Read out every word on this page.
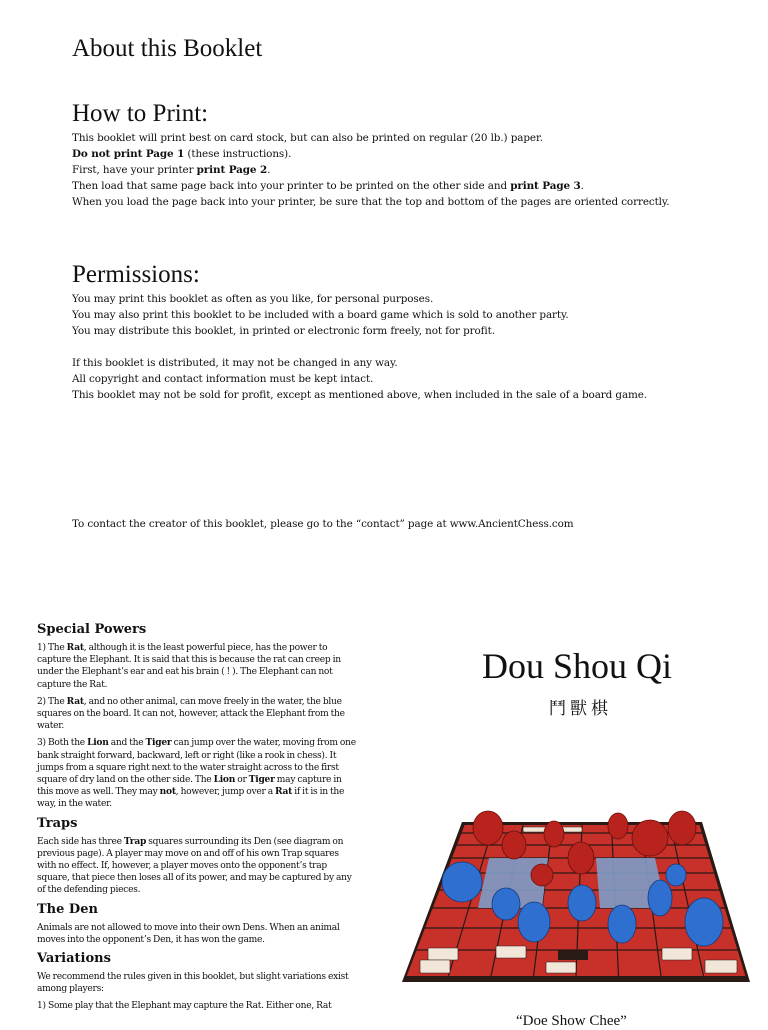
About this Booklet
How to Print:
This booklet will print best on card stock, but can also be printed on regular (20 lb.) paper.
Do not print Page 1 (these instructions).
First, have your printer print Page 2.
Then load that same page back into your printer to be printed on the other side and print Page 3.
When you load the page back into your printer, be sure that the top and bottom of the pages are oriented correctly.
Permissions:
You may print this booklet as often as you like, for personal purposes.
You may also print this booklet to be included with a board game which is sold to another party.
You may distribute this booklet, in printed or electronic form freely, not for profit.

If this booklet is distributed, it may not be changed in any way.
All copyright and contact information must be kept intact.
This booklet may not be sold for profit, except as mentioned above, when included in the sale of a board game.
To contact the creator of this booklet, please go to the “contact” page at www.AncientChess.com
Special Powers

1) The Rat, although it is the least powerful piece, has the power to capture the Elephant. It is said that this is because the rat can creep in under the Elephant’s ear and eat his brain ( ! ). The Elephant can not capture the Rat.

2) The Rat, and no other animal, can move freely in the water, the blue squares on the board. It can not, however, attack the Elephant from the water.

3) Both the Lion and the Tiger can jump over the water, moving from one bank straight forward, backward, left or right (like a rook in chess). It jumps from a square right next to the water straight across to the first square of dry land on the other side. The Lion or Tiger may capture in this move as well. They may not, however, jump over a Rat if it is in the way, in the water.

Traps

Each side has three Trap squares surrounding its Den (see diagram on previous page). A player may move on and off of his own Trap squares with no effect. If, however, a player moves onto the opponent’s trap square, that piece then loses all of its power, and may be captured by any of the defending pieces.

The Den

Animals are not allowed to move into their own Dens. When an animal moves into the opponent’s Den, it has won the game.

Variations

We recommend the rules given in this booklet, but slight variations exist among players:

1) Some play that the Elephant may capture the Rat. Either one, Rat

Dou Shou Qi
鬥獸棋
“Doe Show Chee”
